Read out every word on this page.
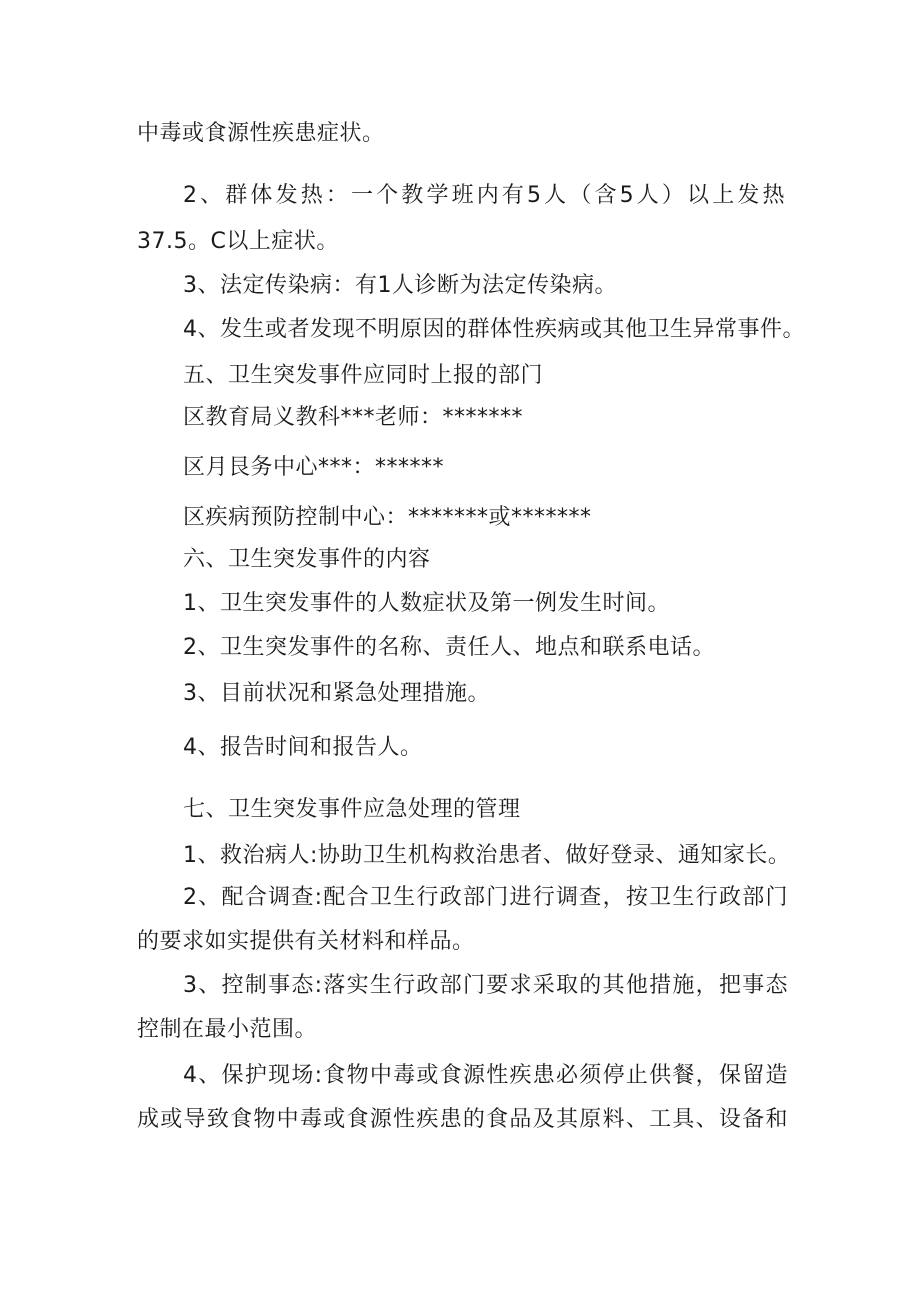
中毒或食源性疾患症状。
2、群体发热：一个教学班内有5人（含5人）以上发热
37.5。C以上症状。
3、法定传染病：有1人诊断为法定传染病。
4、发生或者发现不明原因的群体性疾病或其他卫生异常事件。
五、卫生突发事件应同时上报的部门
区教育局义教科***老师：*******
区月艮务中心***：******
区疾病预防控制中心：*******或*******
六、卫生突发事件的内容
1、卫生突发事件的人数症状及第一例发生时间。
2、卫生突发事件的名称、责任人、地点和联系电话。
3、目前状况和紧急处理措施。
4、报告时间和报告人。
七、卫生突发事件应急处理的管理
1、救治病人:协助卫生机构救治患者、做好登录、通知家长。
2、配合调查:配合卫生行政部门进行调查，按卫生行政部门
的要求如实提供有关材料和样品。
3、控制事态:落实生行政部门要求采取的其他措施，把事态
控制在最小范围。
4、保护现场:食物中毒或食源性疾患必须停止供餐，保留造
成或导致食物中毒或食源性疾患的食品及其原料、工具、设备和
